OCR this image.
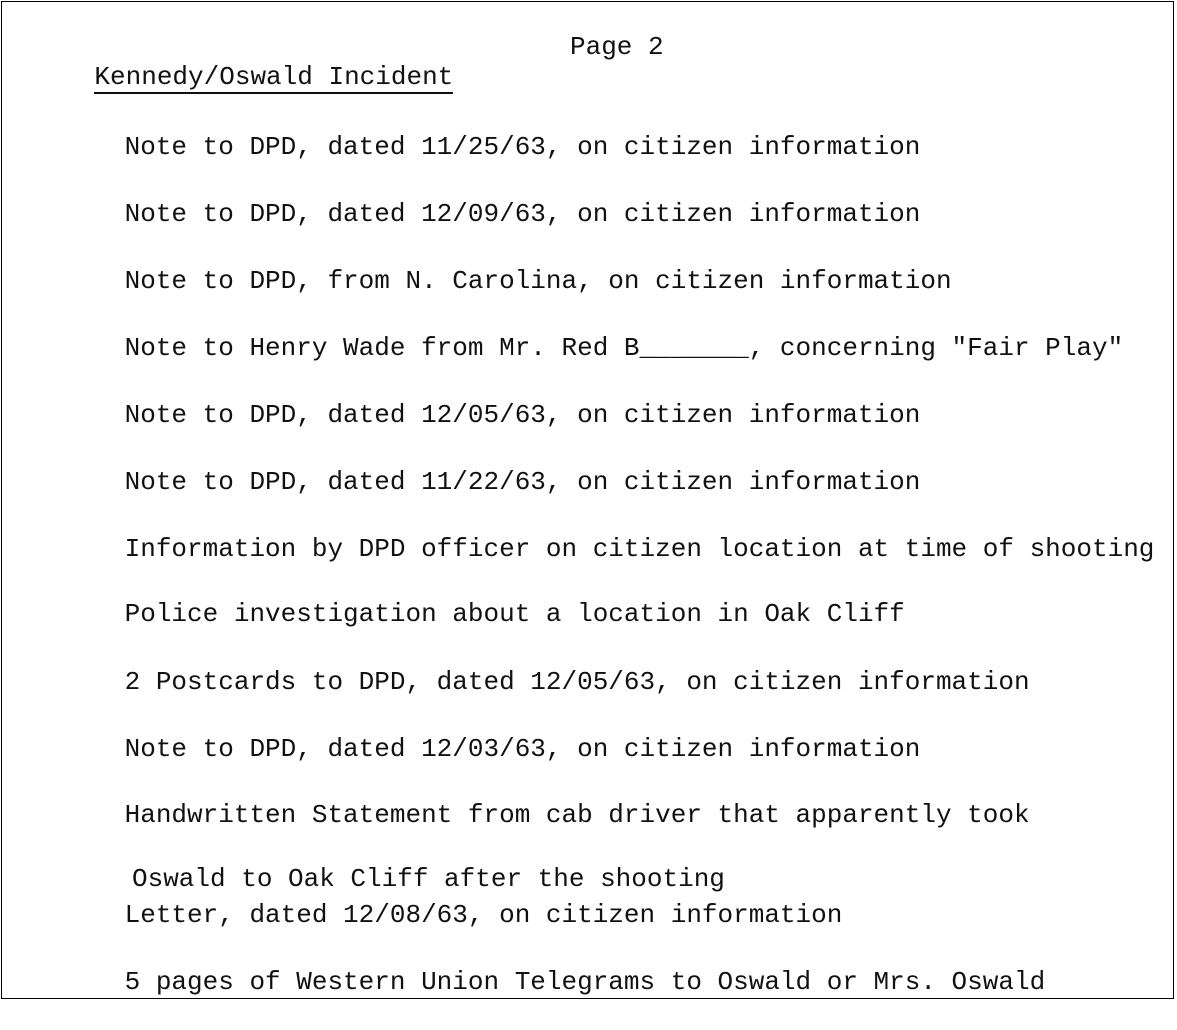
Kennedy/Oswald Incident

Page 2

Note to DPD, dated 11/25/63, on citizen information

Note to DPD, dated 12/09/63, on citizen information

Note to DPD, from N. Carolina, on citizen information

Note to Henry Wade from Mr. Red B_______, concerning "Fair Play"

Note to DPD, dated 12/05/63, on citizen information

Note to DPD, dated 11/22/63, on citizen information

Information by DPD officer on citizen location at time of shooting

Police investigation about a location in Oak Cliff

2 Postcards to DPD, dated 12/05/63, on citizen information

Note to DPD, dated 12/03/63, on citizen information

Handwritten Statement from cab driver that apparently took

Oswald to Oak Cliff after the shooting

Letter, dated 12/08/63, on citizen information

5 pages of Western Union Telegrams to Oswald or Mrs. Oswald
